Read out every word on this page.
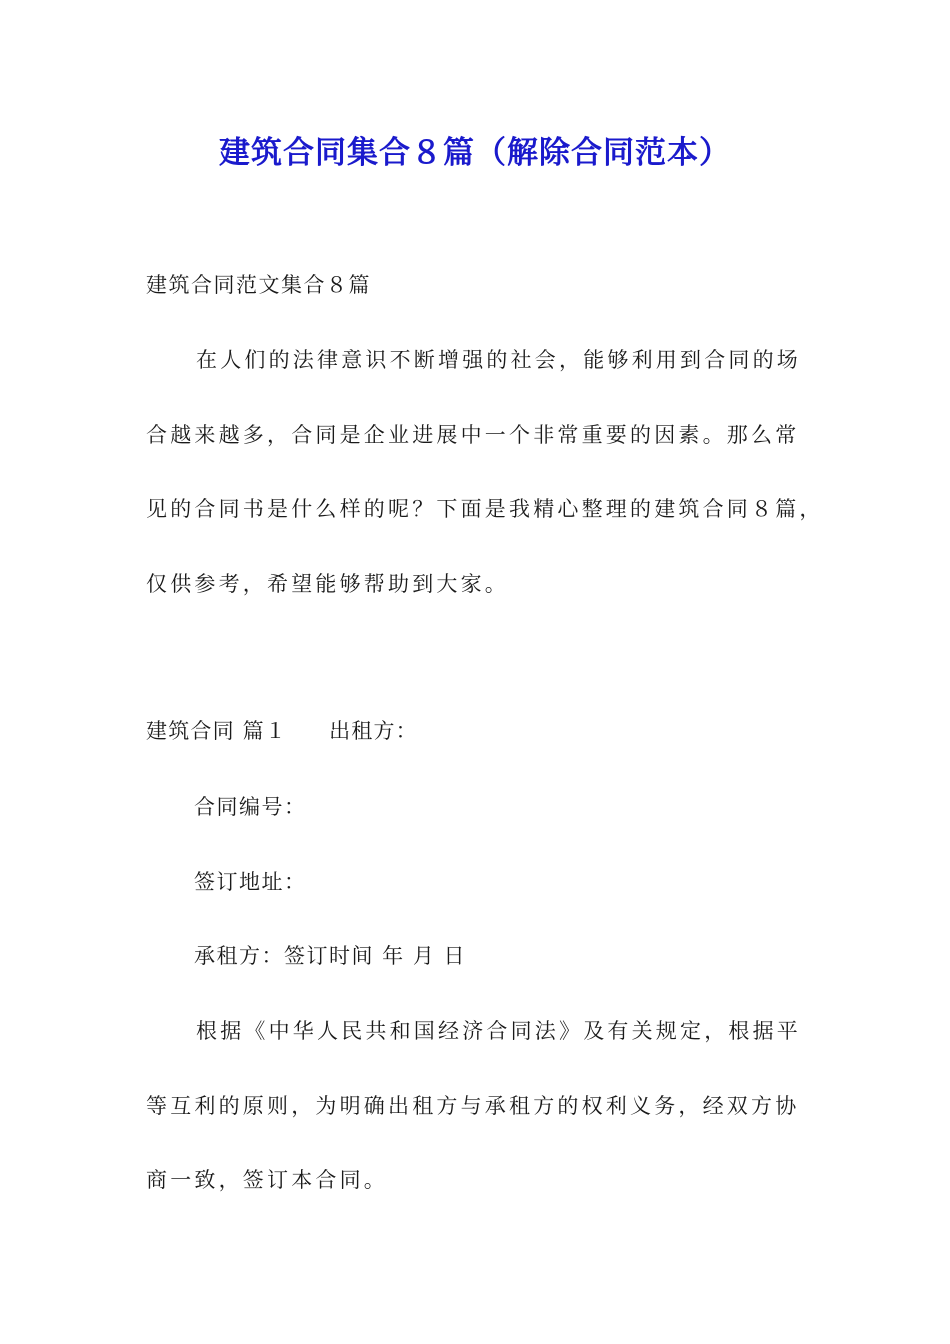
建筑合同集合８篇（解除合同范本）

建筑合同范文集合８篇

在人们的法律意识不断增强的社会，能够利用到合同的场

合越来越多，合同是企业进展中一个非常重要的因素。那么常

见的合同书是什么样的呢？下面是我精心整理的建筑合同８篇，

仅供参考，希望能够帮助到大家。

建筑合同 篇１ 出租方：

合同编号：

签订地址：

承租方：签订时间 年 月 日

根据《中华人民共和国经济合同法》及有关规定，根据平

等互利的原则，为明确出租方与承租方的权利义务，经双方协

商一致，签订本合同。
